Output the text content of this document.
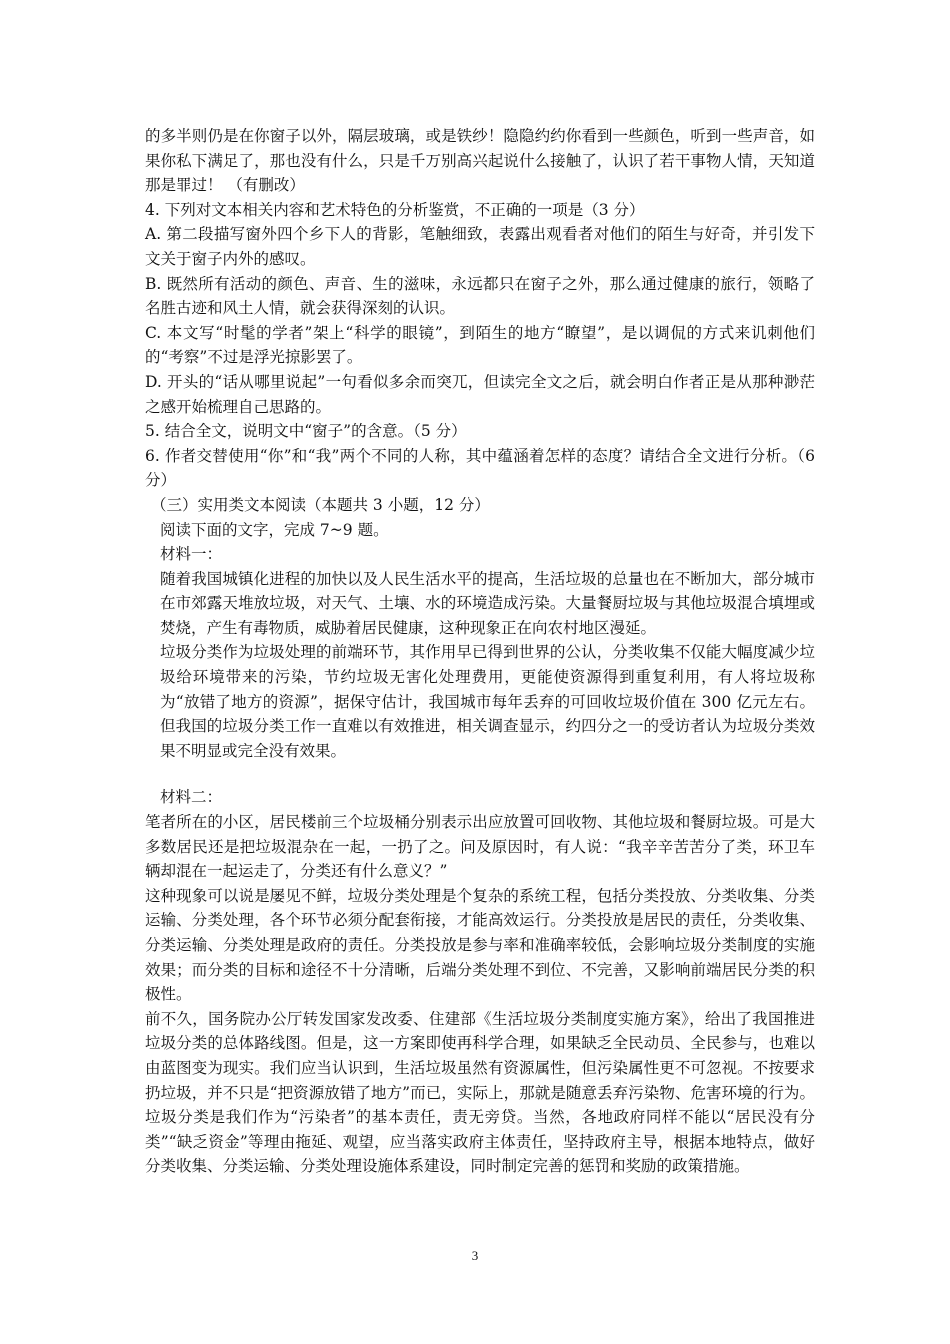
的多半则仍是在你窗子以外，隔层玻璃，或是铁纱！隐隐约约你看到一些颜色，听到一些声音，如果你私下满足了，那也没有什么，只是千万别高兴起说什么接触了，认识了若干事物人情，天知道那是罪过！ （有删改）

4. 下列对文本相关内容和艺术特色的分析鉴赏，不正确的一项是（3 分）

A. 第二段描写窗外四个乡下人的背影，笔触细致，表露出观看者对他们的陌生与好奇，并引发下文关于窗子内外的感叹。

B. 既然所有活动的颜色、声音、生的滋味，永远都只在窗子之外，那么通过健康的旅行，领略了名胜古迹和风土人情，就会获得深刻的认识。

C. 本文写“时髦的学者”架上“科学的眼镜”，到陌生的地方“瞭望”，是以调侃的方式来讥刺他们的“考察”不过是浮光掠影罢了。

D. 开头的“话从哪里说起”一句看似多余而突兀，但读完全文之后，就会明白作者正是从那种渺茫之感开始梳理自己思路的。

5. 结合全文，说明文中“窗子”的含意。（5 分）

6. 作者交替使用“你”和“我”两个不同的人称，其中蕴涵着怎样的态度？请结合全文进行分析。（6 分）

（三）实用类文本阅读（本题共 3 小题，12 分）

阅读下面的文字，完成 7~9 题。

材料一：

随着我国城镇化进程的加快以及人民生活水平的提高，生活垃圾的总量也在不断加大，部分城市在市郊露天堆放垃圾，对天气、土壤、水的环境造成污染。大量餐厨垃圾与其他垃圾混合填埋或焚烧，产生有毒物质，威胁着居民健康，这种现象正在向农村地区漫延。

垃圾分类作为垃圾处理的前端环节，其作用早已得到世界的公认，分类收集不仅能大幅度减少垃圾给环境带来的污染，节约垃圾无害化处理费用，更能使资源得到重复利用，有人将垃圾称为“放错了地方的资源”，据保守估计，我国城市每年丢弃的可回收垃圾价值在 300 亿元左右。但我国的垃圾分类工作一直难以有效推进，相关调查显示，约四分之一的受访者认为垃圾分类效果不明显或完全没有效果。

材料二：

笔者所在的小区，居民楼前三个垃圾桶分别表示出应放置可回收物、其他垃圾和餐厨垃圾。可是大多数居民还是把垃圾混杂在一起，一扔了之。问及原因时，有人说：“我辛辛苦苦分了类，环卫车辆却混在一起运走了，分类还有什么意义？”

这种现象可以说是屡见不鲜，垃圾分类处理是个复杂的系统工程，包括分类投放、分类收集、分类运输、分类处理，各个环节必须分配套衔接，才能高效运行。分类投放是居民的责任，分类收集、分类运输、分类处理是政府的责任。分类投放是参与率和准确率较低，会影响垃圾分类制度的实施效果；而分类的目标和途径不十分清晰，后端分类处理不到位、不完善，又影响前端居民分类的积极性。

前不久，国务院办公厅转发国家发改委、住建部《生活垃圾分类制度实施方案》，给出了我国推进垃圾分类的总体路线图。但是，这一方案即使再科学合理，如果缺乏全民动员、全民参与，也难以由蓝图变为现实。我们应当认识到，生活垃圾虽然有资源属性，但污染属性更不可忽视。不按要求扔垃圾，并不只是“把资源放错了地方”而已，实际上，那就是随意丢弃污染物、危害环境的行为。垃圾分类是我们作为“污染者”的基本责任，责无旁贷。当然，各地政府同样不能以“居民没有分类”“缺乏资金”等理由拖延、观望，应当落实政府主体责任，坚持政府主导，根据本地特点，做好分类收集、分类运输、分类处理设施体系建设，同时制定完善的惩罚和奖励的政策措施。

3
